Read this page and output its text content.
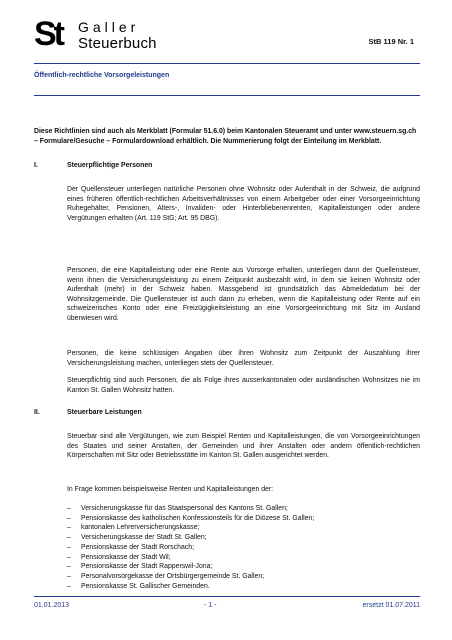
St Galler
Steuerbuch	StB 119 Nr. 1
Öffentlich-rechtliche Vorsorgeleistungen

Diese Richtlinien sind auch als Merkblatt (Formular 51.6.0) beim Kantonalen Steueramt und unter www.steuern.sg.ch – Formulare/Gesuche – Formulardownload erhältlich. Die Nummerierung folgt der Einteilung im Merkblatt.

I.	Steuerpflichtige Personen

Der Quellensteuer unterliegen natürliche Personen ohne Wohnsitz oder Aufenthalt in der Schweiz, die aufgrund eines früheren öffentlich-rechtlichen Arbeitsverhältnisses von einem Arbeitgeber oder einer Vorsorgeeinrichtung Ruhegehälter, Pensionen, Alters-, Invaliden- oder Hinterbliebenenrenten, Kapitalleistungen oder andere Vergütungen erhalten (Art. 119 StG; Art. 95 DBG).

Personen, die eine Kapitalleistung oder eine Rente aus Vorsorge erhalten, unterliegen dann der Quellensteuer, wenn ihnen die Versicherungsleistung zu einem Zeitpunkt ausbezahlt wird, in dem sie keinen Wohnsitz oder Aufenthalt (mehr) in der Schweiz haben. Massgebend ist grundsätzlich das Abmeldedatum bei der Wohnsitzgemeinde. Die Quellensteuer ist auch dann zu erheben, wenn die Kapitalleistung oder Rente auf ein schweizerisches Konto oder eine Freizügigkeitsleistung an eine Vorsorgeeinrichtung mit Sitz im Ausland überwiesen wird.

Personen, die keine schlüssigen Angaben über ihren Wohnsitz zum Zeitpunkt der Auszahlung ihrer Versicherungsleistung machen, unterliegen stets der Quellensteuer.

Steuerpflichtig sind auch Personen, die als Folge ihres ausserkantonalen oder ausländischen Wohnsitzes nie im Kanton St. Gallen Wohnsitz hatten.

II.	Steuerbare Leistungen

Steuerbar sind alle Vergütungen, wie zum Beispiel Renten und Kapitalleistungen, die von Vorsorgeeinrichtungen des Staates und seiner Anstalten, der Gemeinden und ihrer Anstalten oder andern öffentlich-rechtlichen Körperschaften mit Sitz oder Betriebsstätte im Kanton St. Gallen ausgerichtet werden.

In Frage kommen beispielsweise Renten und Kapitalleistungen der:

– Versicherungskasse für das Staatspersonal des Kantons St. Gallen;
– Pensionskasse des katholischen Konfessionsteils für die Diözese St. Gallen;
– kantonalen Lehrerversicherungskasse;
– Versicherungskasse der Stadt St. Gallen;
– Pensionskasse der Stadt Rorschach;
– Pensionskasse der Stadt Wil;
– Pensionskasse der Stadt Rapperswil-Jona;
– Personalvorsorgekasse der Ortsbürgergemeinde St. Gallen;
– Pensionskasse St. Gallischer Gemeinden.
01.01.2013	- 1 -	ersetzt 01.07.2011
